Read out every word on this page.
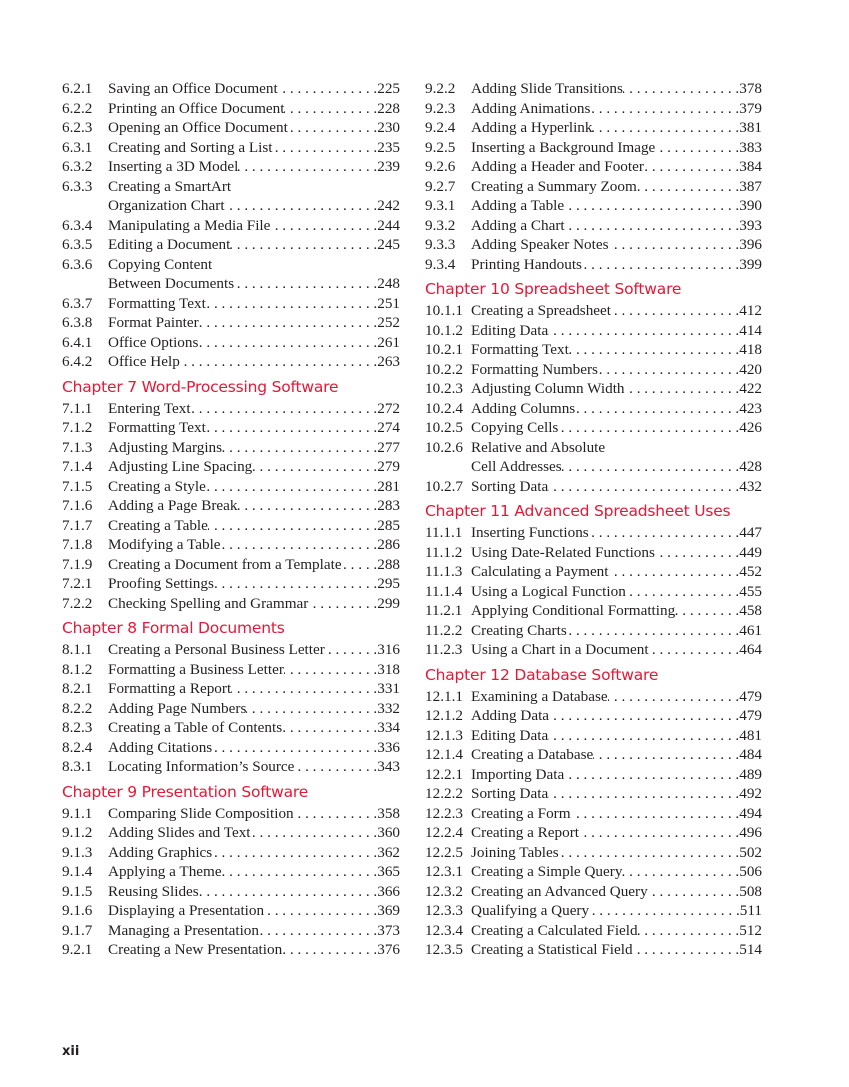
6.2.1	Saving an Office Document . . .	225
6.2.2	Printing an Office Document . . .	228
6.2.3	Opening an Office Document . . .	230
6.3.1	Creating and Sorting a List . . .	235
6.3.2	Inserting a 3D Model . . .	239
6.3.3	Creating a SmartArt
Organization Chart . . .	242
6.3.4	Manipulating a Media File . . .	244
6.3.5	Editing a Document . . .	245
6.3.6	Copying Content
Between Documents . . .	248
6.3.7	Formatting Text . . .	251
6.3.8	Format Painter . . .	252
6.4.1	Office Options . . .	261
6.4.2	Office Help . . .	263
Chapter 7 Word-Processing Software
7.1.1	Entering Text . . .	272
7.1.2	Formatting Text . . .	274
7.1.3	Adjusting Margins . . .	277
7.1.4	Adjusting Line Spacing . . .	279
7.1.5	Creating a Style . . .	281
7.1.6	Adding a Page Break . . .	283
7.1.7	Creating a Table . . .	285
7.1.8	Modifying a Table . . .	286
7.1.9	Creating a Document from a Template . . . 288
7.2.1	Proofing Settings . . .	295
7.2.2	Checking Spelling and Grammar . . .	299
Chapter 8 Formal Documents
8.1.1	Creating a Personal Business Letter . . .	316
8.1.2	Formatting a Business Letter . . .	318
8.2.1	Formatting a Report . . .	331
8.2.2	Adding Page Numbers . . .	332
8.2.3	Creating a Table of Contents . . .	334
8.2.4	Adding Citations . . .	336
8.3.1	Locating Information’s Source . . .	343
Chapter 9 Presentation Software
9.1.1	Comparing Slide Composition . . .	358
9.1.2	Adding Slides and Text . . .	360
9.1.3	Adding Graphics . . .	362
9.1.4	Applying a Theme . . .	365
9.1.5	Reusing Slides . . .	366
9.1.6	Displaying a Presentation . . .	369
9.1.7	Managing a Presentation . . .	373
9.2.1	Creating a New Presentation . . .	376
9.2.2	Adding Slide Transitions . . .	378
9.2.3	Adding Animations . . .	379
9.2.4	Adding a Hyperlink . . .	381
9.2.5	Inserting a Background Image . . .	383
9.2.6	Adding a Header and Footer . . .	384
9.2.7	Creating a Summary Zoom . . .	387
9.3.1	Adding a Table . . .	390
9.3.2	Adding a Chart . . .	393
9.3.3	Adding Speaker Notes . . .	396
9.3.4	Printing Handouts . . .	399
Chapter 10 Spreadsheet Software
10.1.1 Creating a Spreadsheet . . .	412
10.1.2 Editing Data . . .	414
10.2.1 Formatting Text . . .	418
10.2.2 Formatting Numbers . . .	420
10.2.3 Adjusting Column Width . . .	422
10.2.4 Adding Columns . . .	423
10.2.5 Copying Cells . . .	426
10.2.6 Relative and Absolute
Cell Addresses . . .	428
10.2.7 Sorting Data . . .	432
Chapter 11 Advanced Spreadsheet Uses
11.1.1 Inserting Functions . . .	447
11.1.2 Using Date-Related Functions . . .	449
11.1.3 Calculating a Payment . . .	452
11.1.4 Using a Logical Function . . .	455
11.2.1 Applying Conditional Formatting . . .	458
11.2.2 Creating Charts . . .	461
11.2.3 Using a Chart in a Document . . .	464
Chapter 12 Database Software
12.1.1 Examining a Database . . .	479
12.1.2 Adding Data . . .	479
12.1.3 Editing Data . . .	481
12.1.4 Creating a Database . . .	484
12.2.1 Importing Data . . .	489
12.2.2 Sorting Data . . .	492
12.2.3 Creating a Form . . .	494
12.2.4 Creating a Report . . .	496
12.2.5 Joining Tables . . .	502
12.3.1 Creating a Simple Query . . .	506
12.3.2 Creating an Advanced Query . . .	508
12.3.3 Qualifying a Query . . .	511
12.3.4 Creating a Calculated Field . . .	512
12.3.5 Creating a Statistical Field . . .	514
xii
